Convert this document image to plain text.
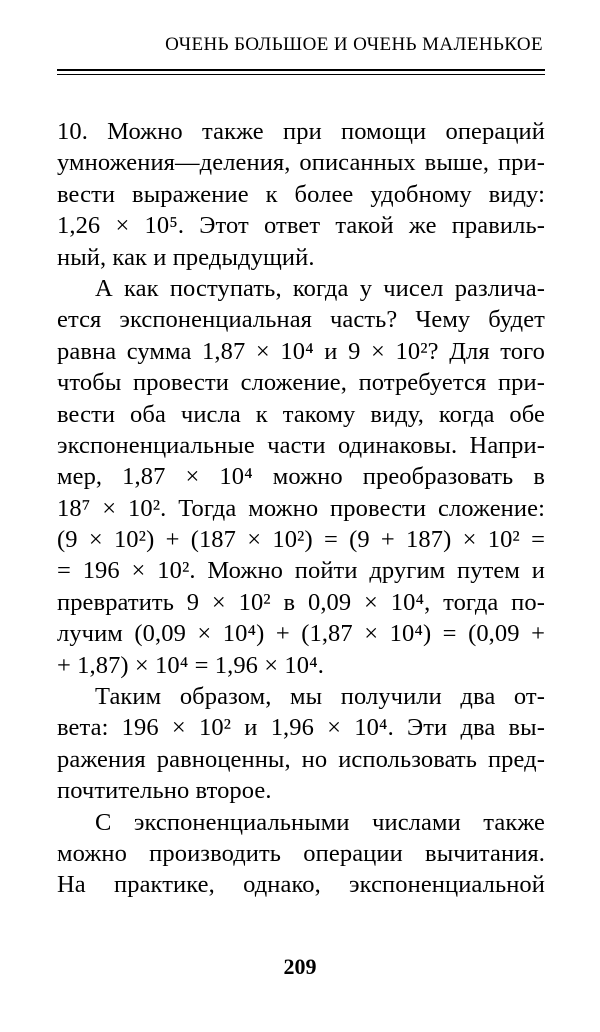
ОЧЕНЬ БОЛЬШОЕ И ОЧЕНЬ МАЛЕНЬКОЕ
10. Можно также при помощи операций
умножения—деления, описанных выше, при-
вести выражение к более удобному виду:
1,26 × 10⁵. Этот ответ такой же правиль-
ный, как и предыдущий.
А как поступать, когда у чисел различа-
ется экспоненциальная часть? Чему будет
равна сумма 1,87 × 10⁴ и 9 × 10²? Для того
чтобы провести сложение, потребуется при-
вести оба числа к такому виду, когда обе
экспоненциальные части одинаковы. Напри-
мер, 1,87 × 10⁴ можно преобразовать в
18⁷ × 10². Тогда можно провести сложение:
(9 × 10²) + (187 × 10²) = (9 + 187) × 10² =
= 196 × 10². Можно пойти другим путем и
превратить 9 × 10² в 0,09 × 10⁴, тогда по-
лучим (0,09 × 10⁴) + (1,87 × 10⁴) = (0,09 +
+ 1,87) × 10⁴ = 1,96 × 10⁴.
Таким образом, мы получили два от-
вета: 196 × 10² и 1,96 × 10⁴. Эти два вы-
ражения равноценны, но использовать пред-
почтительно второе.
С экспоненциальными числами также
можно производить операции вычитания.
На практике, однако, экспоненциальной
209
